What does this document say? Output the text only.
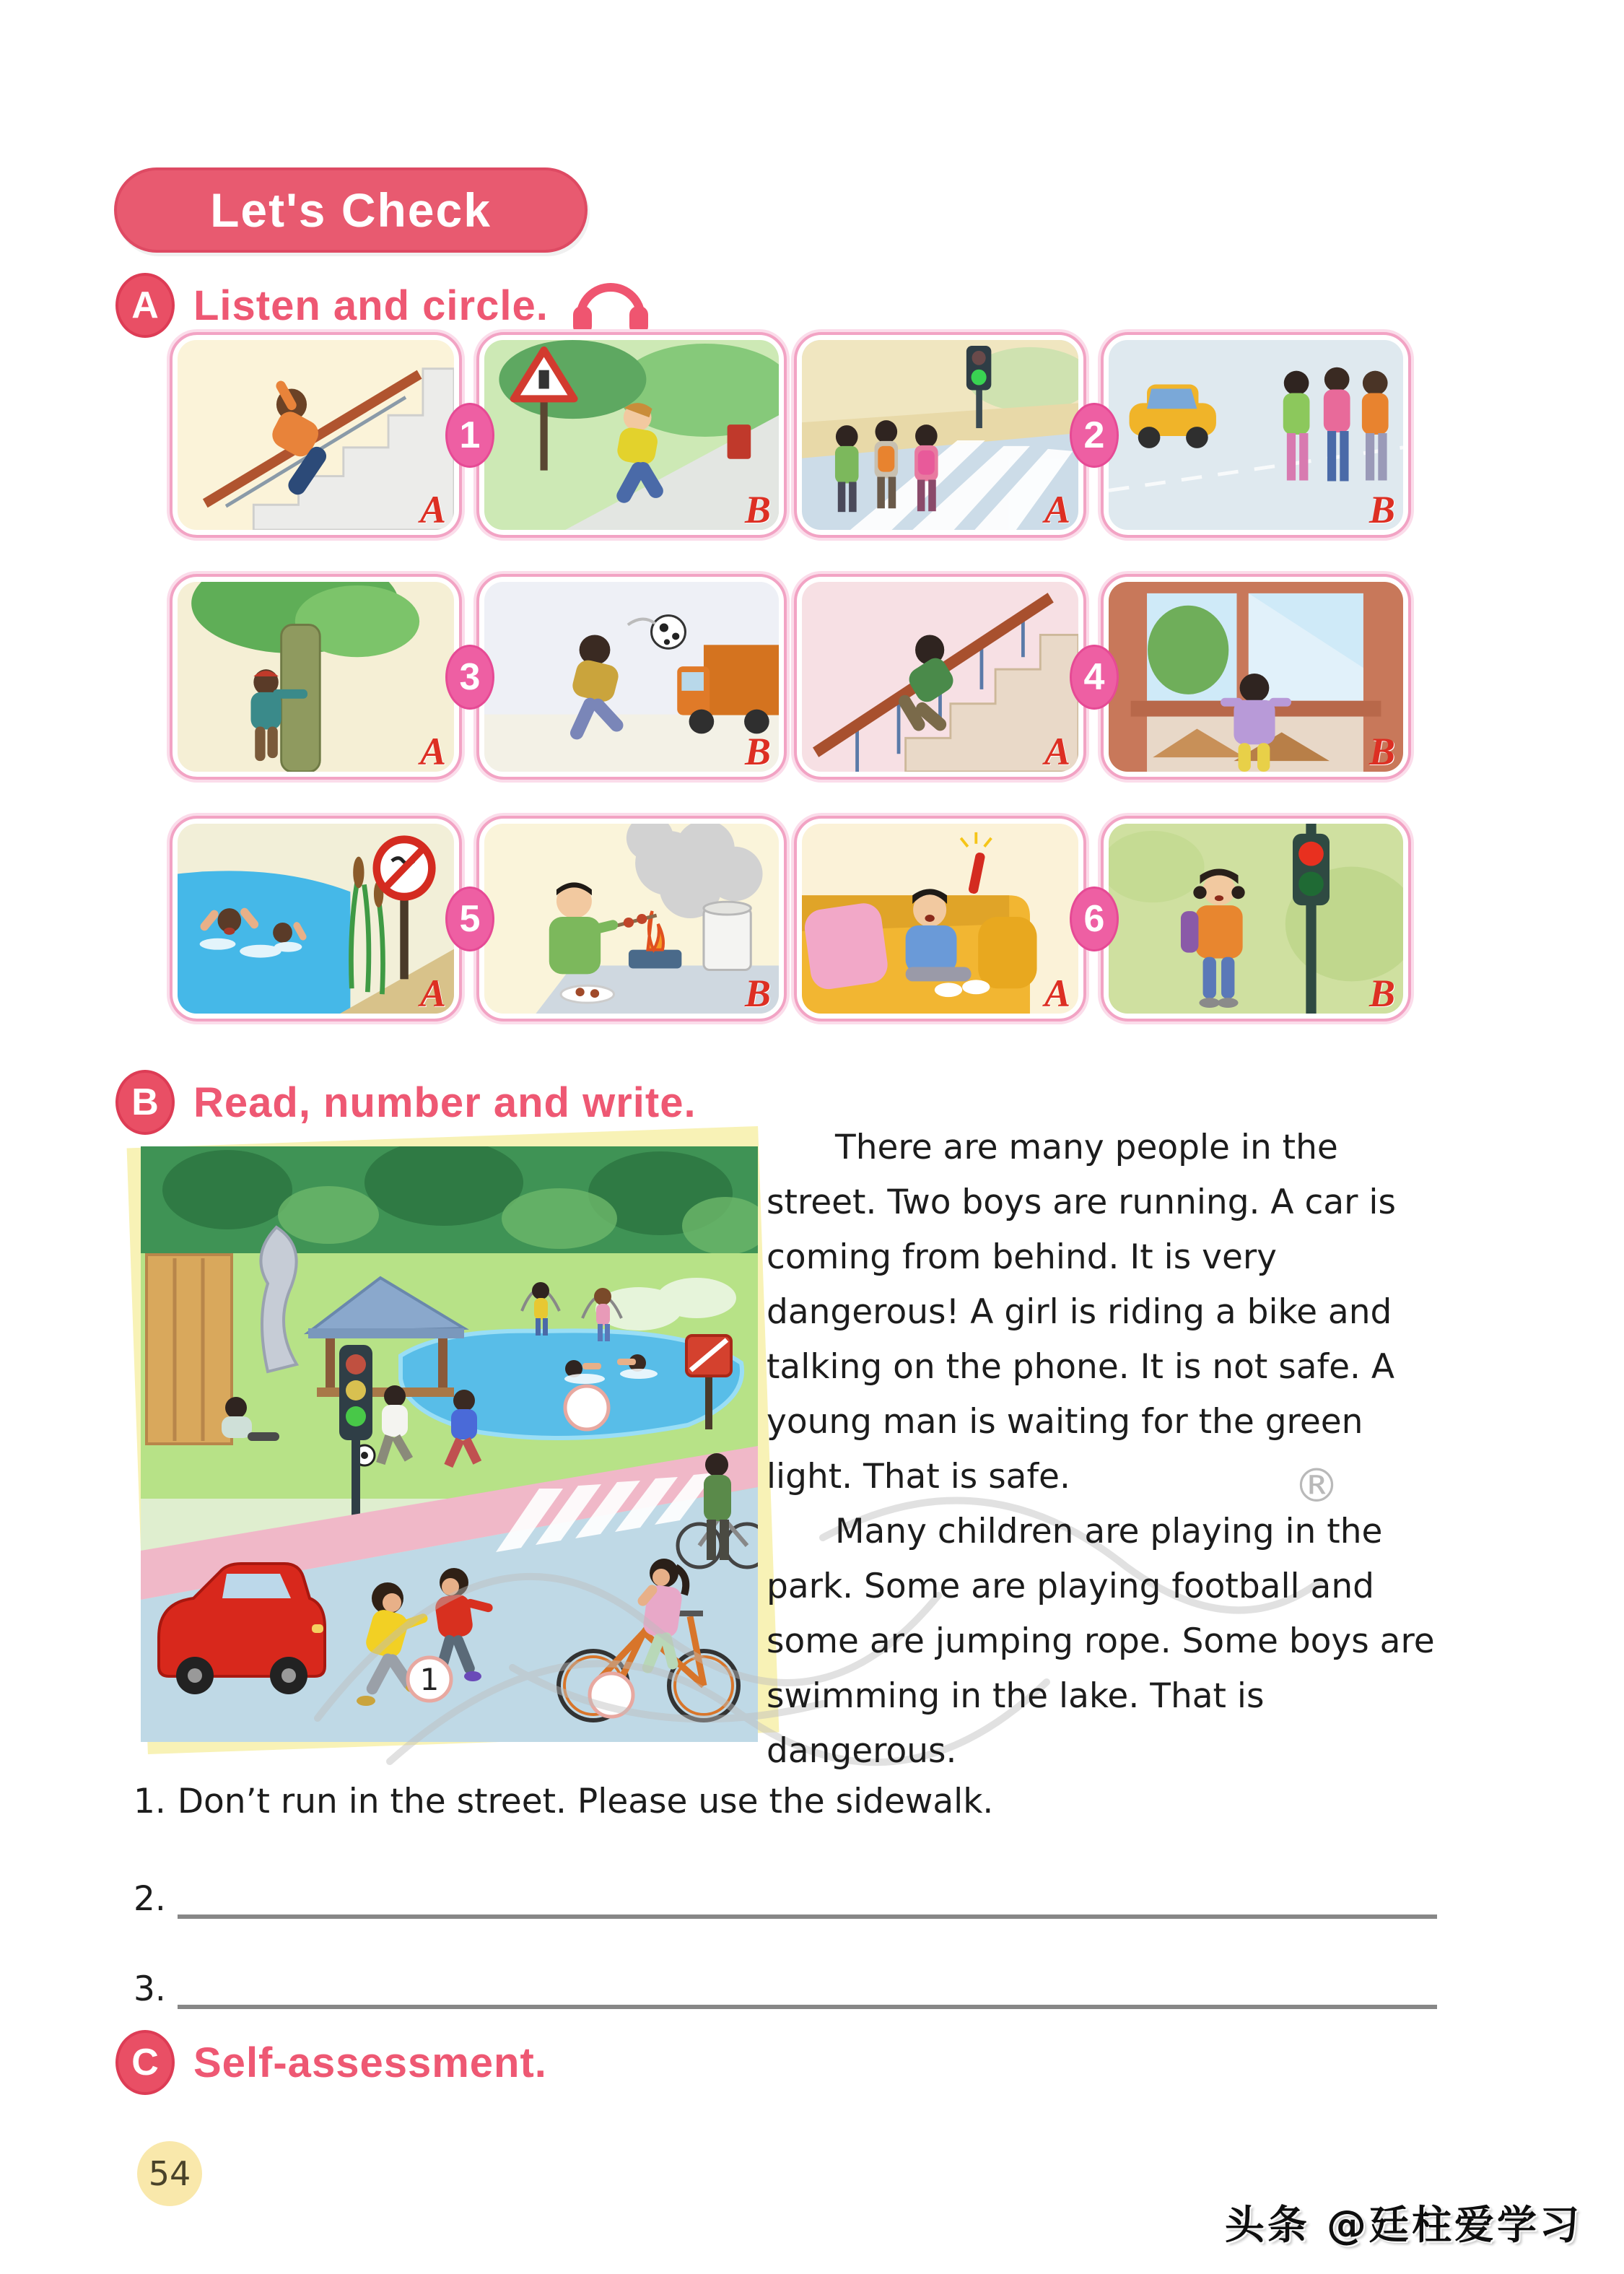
Let's Check
A Listen and circle.
A
1
B	A
2
B
A
3
B	A
4
B
A
5
B	A
6
B
B Read, number and write.
1
®

There are many people in the street. Two boys are running. A car is coming from behind. It is very dangerous! A girl is riding a bike and talking on the phone. It is not safe. A young man is waiting for the green light. That is safe.

Many children are playing in the park. Some are playing football and some are jumping rope. Some boys are swimming in the lake. That is dangerous.

1. Don’t run in the street. Please use the sidewalk.
2.
3.
C Self-assessment.
54
头条 @廷柱爱学习
